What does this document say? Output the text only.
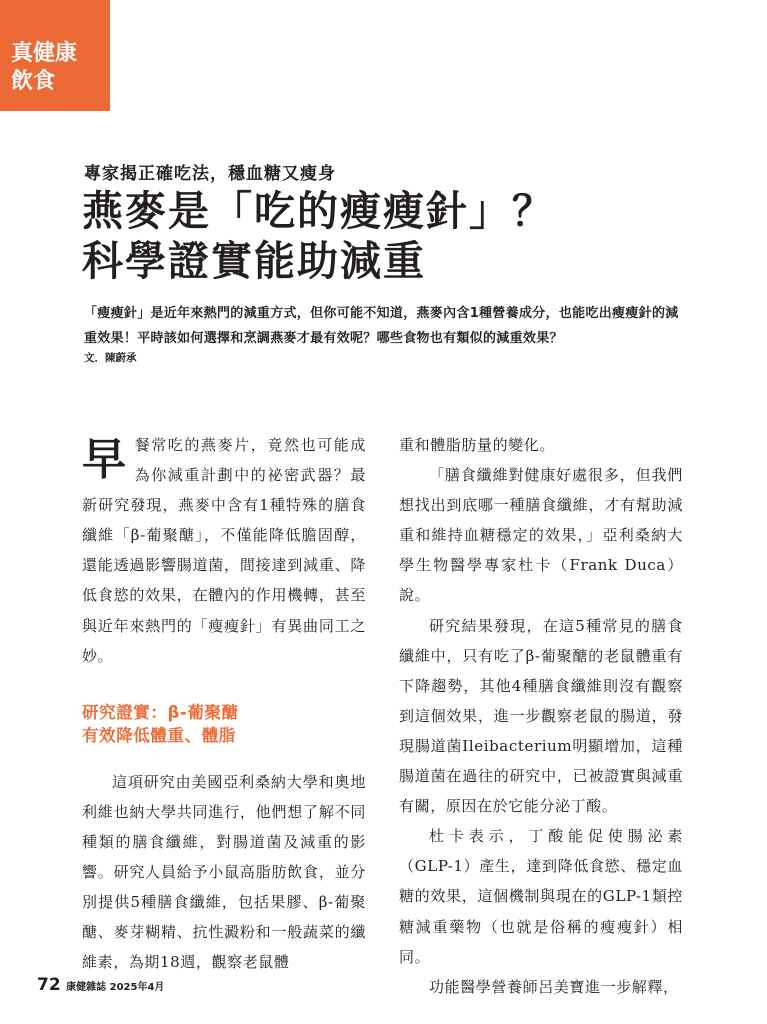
真健康
飲食
專家揭正確吃法，穩血糖又瘦身
燕麥是「吃的瘦瘦針」？
科學證實能助減重
「瘦瘦針」是近年來熱門的減重方式，但你可能不知道，燕麥內含1種營養成分，也能吃出瘦瘦針的減重效果！平時該如何選擇和烹調燕麥才最有效呢？哪些食物也有類似的減重效果？
文．陳蔚承

早餐常吃的燕麥片，竟然也可能成為你減重計劃中的祕密武器？最新研究發現，燕麥中含有1種特殊的膳食纖維「β-葡聚醣」，不僅能降低膽固醇，還能透過影響腸道菌，間接達到減重、降低食慾的效果，在體內的作用機轉，甚至與近年來熱門的「瘦瘦針」有異曲同工之妙。

研究證實：β-葡聚醣
有效降低體重、體脂

這項研究由美國亞利桑納大學和奧地利維也納大學共同進行，他們想了解不同種類的膳食纖維，對腸道菌及減重的影響。研究人員給予小鼠高脂肪飲食，並分別提供5種膳食纖維，包括果膠、β-葡聚醣、麥芽糊精、抗性澱粉和一般蔬菜的纖維素，為期18週，觀察老鼠體

重和體脂肪量的變化。

「膳食纖維對健康好處很多，但我們想找出到底哪一種膳食纖維，才有幫助減重和維持血糖穩定的效果，」亞利桑納大學生物醫學專家杜卡（Frank Duca）說。

研究結果發現，在這5種常見的膳食纖維中，只有吃了β-葡聚醣的老鼠體重有下降趨勢，其他4種膳食纖維則沒有觀察到這個效果，進一步觀察老鼠的腸道，發現腸道菌Ileibacterium明顯增加，這種腸道菌在過往的研究中，已被證實與減重有關，原因在於它能分泌丁酸。

杜卡表示，丁酸能促使腸泌素（GLP-1）產生，達到降低食慾、穩定血糖的效果，這個機制與現在的GLP-1類控糖減重藥物（也就是俗稱的瘦瘦針）相同。

功能醫學營養師呂美寶進一步解釋，

72 康健雜誌 2025年4月
